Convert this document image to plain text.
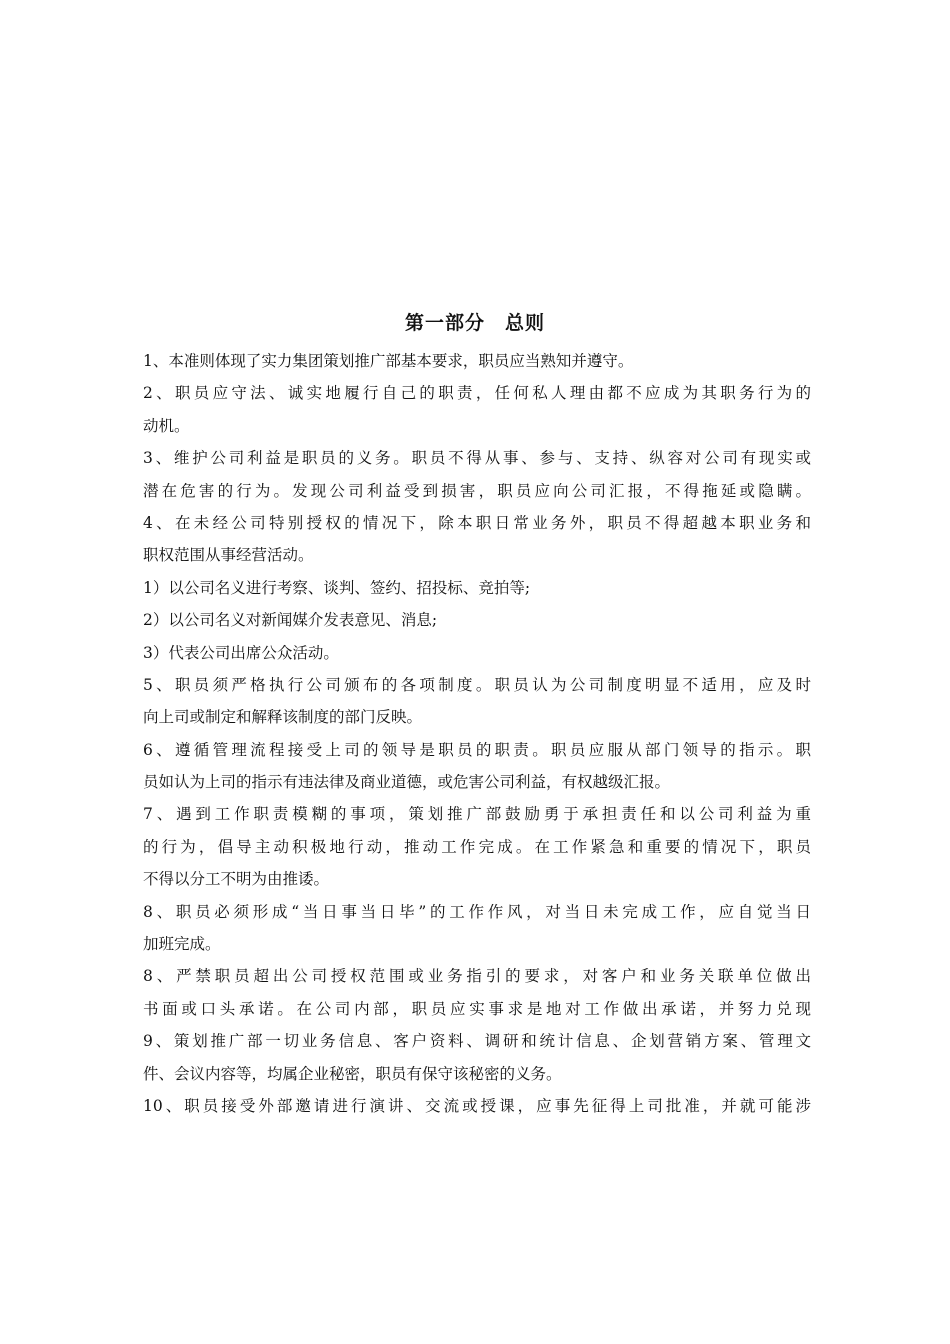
第一部分　总则
1、本准则体现了实力集团策划推广部基本要求，职员应当熟知并遵守。
2、职员应守法、诚实地履行自己的职责，任何私人理由都不应成为其职务行为的
动机。
3、维护公司利益是职员的义务。职员不得从事、参与、支持、纵容对公司有现实或
潜在危害的行为。发现公司利益受到损害，职员应向公司汇报，不得拖延或隐瞒。
4、在未经公司特别授权的情况下，除本职日常业务外，职员不得超越本职业务和
职权范围从事经营活动。
1）以公司名义进行考察、谈判、签约、招投标、竞拍等;
2）以公司名义对新闻媒介发表意见、消息;
3）代表公司出席公众活动。
5、职员须严格执行公司颁布的各项制度。职员认为公司制度明显不适用，应及时
向上司或制定和解释该制度的部门反映。
6、遵循管理流程接受上司的领导是职员的职责。职员应服从部门领导的指示。职
员如认为上司的指示有违法律及商业道德，或危害公司利益，有权越级汇报。
7、遇到工作职责模糊的事项，策划推广部鼓励勇于承担责任和以公司利益为重
的行为，倡导主动积极地行动，推动工作完成。在工作紧急和重要的情况下，职员
不得以分工不明为由推诿。
8、职员必须形成“当日事当日毕”的工作作风，对当日未完成工作，应自觉当日
加班完成。
8、严禁职员超出公司授权范围或业务指引的要求，对客户和业务关联单位做出
书面或口头承诺。在公司内部，职员应实事求是地对工作做出承诺，并努力兑现
9、策划推广部一切业务信息、客户资料、调研和统计信息、企划营销方案、管理文
件、会议内容等，均属企业秘密，职员有保守该秘密的义务。
10、职员接受外部邀请进行演讲、交流或授课，应事先征得上司批准，并就可能涉
